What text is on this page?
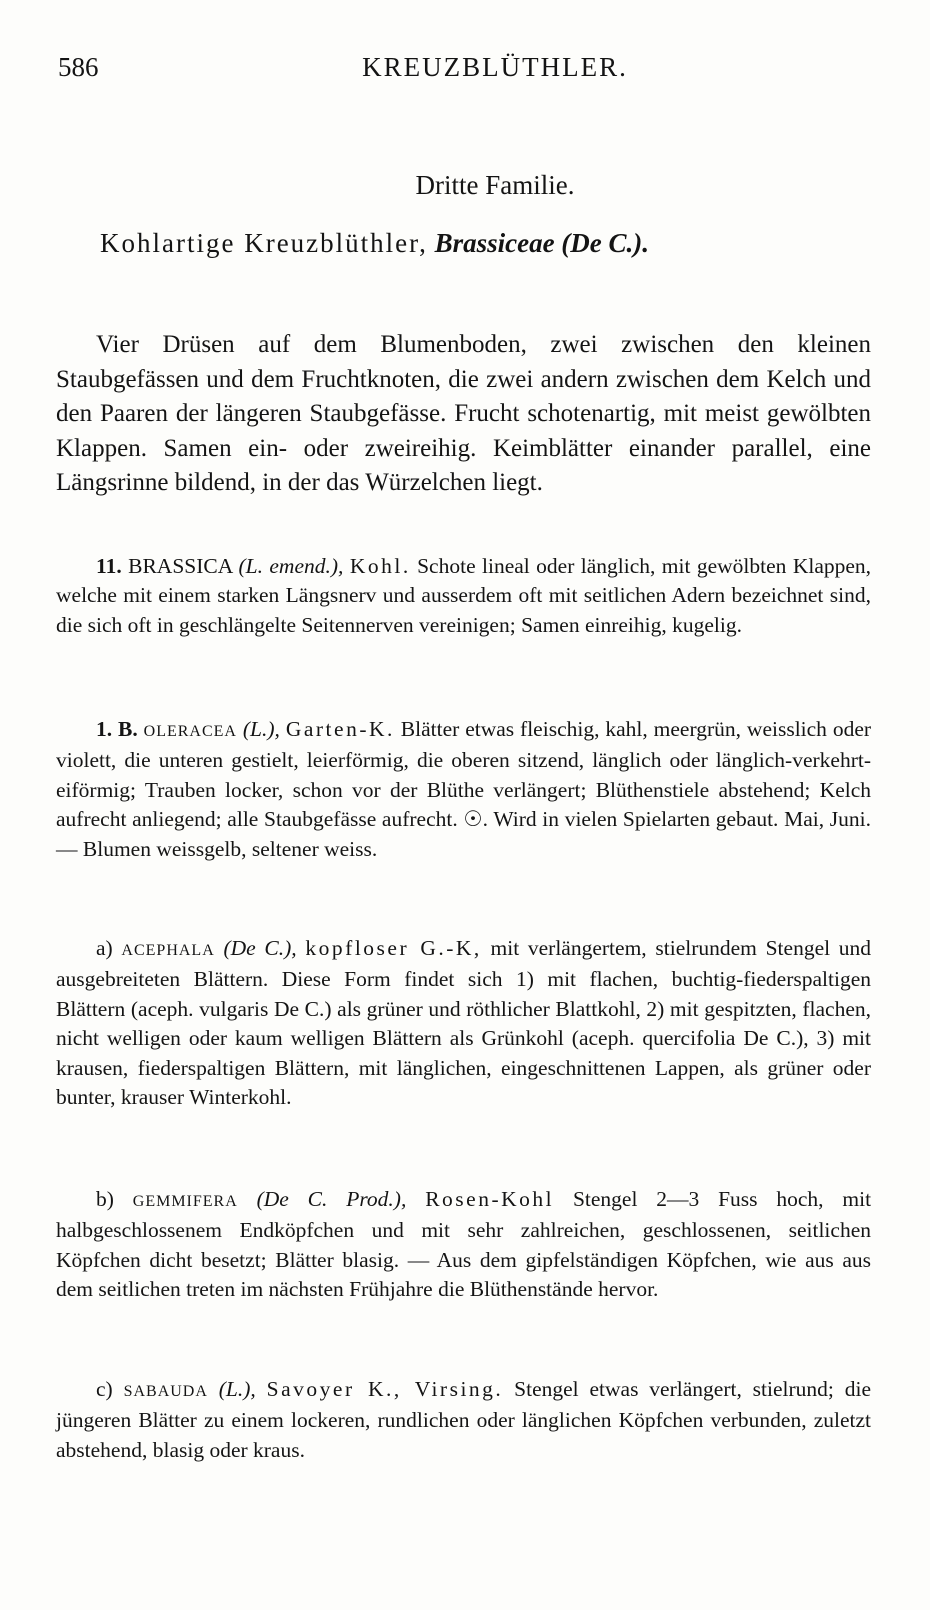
586	KREUZBLÜTHLER.
Dritte Familie.
Kohlartige Kreuzblüthler, Brassiceae (De C.).

Vier Drüsen auf dem Blumenboden, zwei zwischen den kleinen Staubgefässen und dem Fruchtknoten, die zwei andern zwischen dem Kelch und den Paaren der längeren Staubgefässe. Frucht schotenartig, mit meist gewölbten Klappen. Samen ein- oder zweireihig. Keimblätter einander parallel, eine Längsrinne bildend, in der das Würzelchen liegt.

11. BRASSICA (L. emend.), Kohl. Schote lineal oder länglich, mit gewölbten Klappen, welche mit einem starken Längsnerv und ausserdem oft mit seitlichen Adern bezeichnet sind, die sich oft in geschlängelte Seitennerven vereinigen; Samen einreihig, kugelig.

1. B. OLERACEA (L.), Garten-K. Blätter etwas fleischig, kahl, meergrün, weisslich oder violett, die unteren gestielt, leierförmig, die oberen sitzend, länglich oder länglich-verkehrt-eiförmig; Trauben locker, schon vor der Blüthe verlängert; Blüthenstiele abstehend; Kelch aufrecht anliegend; alle Staubgefässe aufrecht. ☉. Wird in vielen Spielarten gebaut. Mai, Juni. — Blumen weissgelb, seltener weiss.

a) ACEPHALA (De C.), kopfloser G.-K, mit verlängertem, stielrundem Stengel und ausgebreiteten Blättern. Diese Form findet sich 1) mit flachen, buchtig-fiederspaltigen Blättern (aceph. vulgaris De C.) als grüner und röthlicher Blattkohl, 2) mit gespitzten, flachen, nicht welligen oder kaum welligen Blättern als Grünkohl (aceph. quercifolia De C.), 3) mit krausen, fiederspaltigen Blättern, mit länglichen, eingeschnittenen Lappen, als grüner oder bunter, krauser Winterkohl.

b) GEMMIFERA (De C. Prod.), Rosen-Kohl Stengel 2—3 Fuss hoch, mit halbgeschlossenem Endköpfchen und mit sehr zahlreichen, geschlossenen, seitlichen Köpfchen dicht besetzt; Blätter blasig. — Aus dem gipfelständigen Köpfchen, wie aus aus dem seitlichen treten im nächsten Frühjahre die Blüthenstände hervor.

c) SABAUDA (L.), Savoyer K., Virsing. Stengel etwas verlängert, stielrund; die jüngeren Blätter zu einem lockeren, rundlichen oder länglichen Köpfchen verbunden, zuletzt abstehend, blasig oder kraus.
